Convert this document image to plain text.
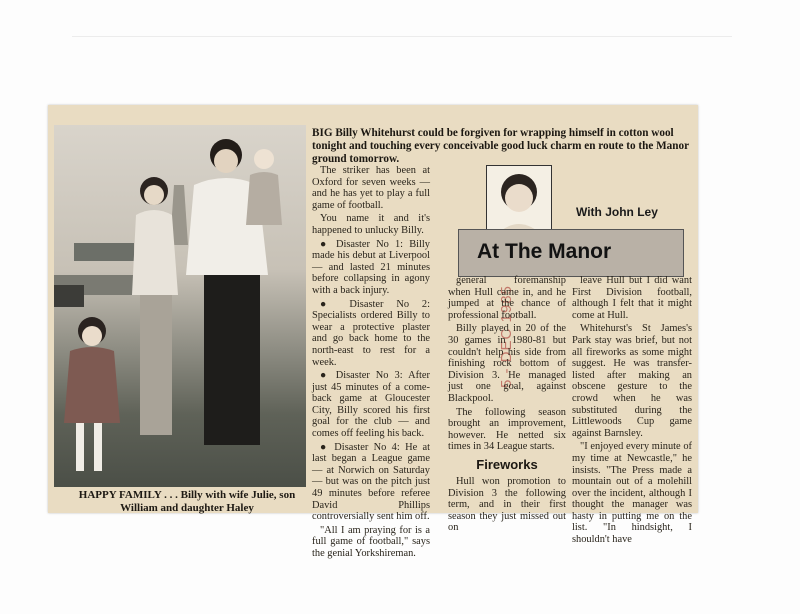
HAPPY FAMILY . . . Billy with wife Julie, son William and daughter Haley
BIG Billy Whitehurst could be forgiven for wrapping himself in cotton wool tonight and touching every conceivable good luck charm en route to the Manor ground tomorrow.

The striker has been at Oxford for seven weeks — and he has yet to play a full game of football.

You name it and it's happened to unlucky Billy.

● Disaster No 1: Billy made his debut at Liverpool — and lasted 21 minutes before collapsing in agony with a back injury.

● Disaster No 2: Specialists ordered Billy to wear a protective plaster and go back home to the north-east to rest for a week.

● Disaster No 3: After just 45 minutes of a come-back game at Gloucester City, Billy scored his first goal for the club — and comes off feeling his back.

● Disaster No 4: He at last began a League game — at Norwich on Saturday — but was on the pitch just 49 minutes before referee David Phillips controversially sent him off.

"All I am praying for is a full game of football," says the genial Yorkshireman.

With John Ley
At The Manor
5 - DEC 1985

general foremanship when Hull came in, and he jumped at the chance of professional football.

Billy played in 20 of the 30 games in 1980-81 but couldn't help his side from finishing rock bottom of Division 3. He managed just one goal, against Blackpool.

The following season brought an improvement, however. He netted six times in 34 League starts.

Fireworks

Hull won promotion to Division 3 the following term, and in their first season they just missed out on

leave Hull but I did want First Division football, although I felt that it might come at Hull.

Whitehurst's St James's Park stay was brief, but not all fireworks as some might suggest. He was transfer-listed after making an obscene gesture to the crowd when he was substituted during the Littlewoods Cup game against Barnsley.

"I enjoyed every minute of my time at Newcastle," he insists. "The Press made a mountain out of a molehill over the incident, although I thought the manager was hasty in putting me on the list. "In hindsight, I shouldn't have
